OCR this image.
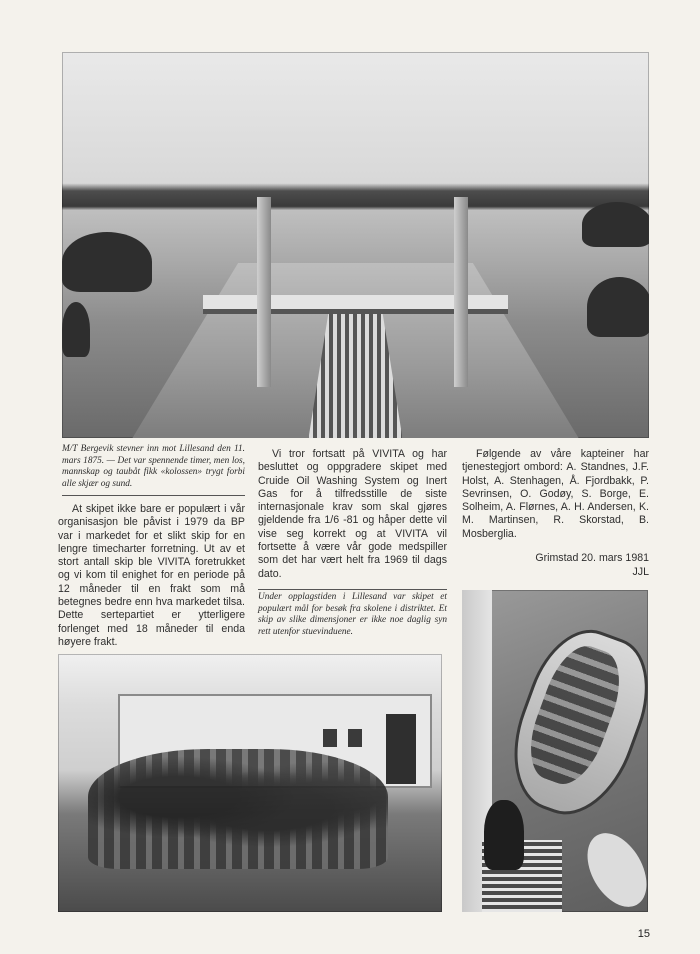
M/T Bergevik stevner inn mot Lillesand den 11. mars 1875. — Det var spennende timer, men los, mannskap og taubåt fikk «kolossen» trygt forbi alle skjær og sund.

At skipet ikke bare er populært i vår organisasjon ble påvist i 1979 da BP var i markedet for et slikt skip for en lengre timecharter forretning. Ut av et stort antall skip ble VIVITA foretrukket og vi kom til enighet for en periode på 12 måneder til en frakt som må betegnes bedre enn hva markedet tilsa. Dette sertepartiet er ytterligere forlenget med 18 måneder til enda høyere frakt.

Vi tror fortsatt på VIVITA og har besluttet og oppgradere skipet med Cruide Oil Washing System og Inert Gas for å tilfredsstille de siste internasjonale krav som skal gjøres gjeldende fra 1/6 -81 og håper dette vil vise seg korrekt og at VIVITA vil fortsette å være vår gode medspiller som det har vært helt fra 1969 til dags dato.

Under opplagstiden i Lillesand var skipet et populært mål for besøk fra skolene i distriktet. Et skip av slike dimensjoner er ikke noe daglig syn rett utenfor stuevinduene.

Følgende av våre kapteiner har tjenestegjort ombord: A. Standnes, J.F. Holst, A. Stenhagen, Å. Fjordbakk, P. Sevrinsen, O. Godøy, S. Borge, E. Solheim, A. Flørnes, A. H. Andersen, K. M. Martinsen, R. Skorstad, B. Mosberglia.

Grimstad 20. mars 1981
JJL
15
